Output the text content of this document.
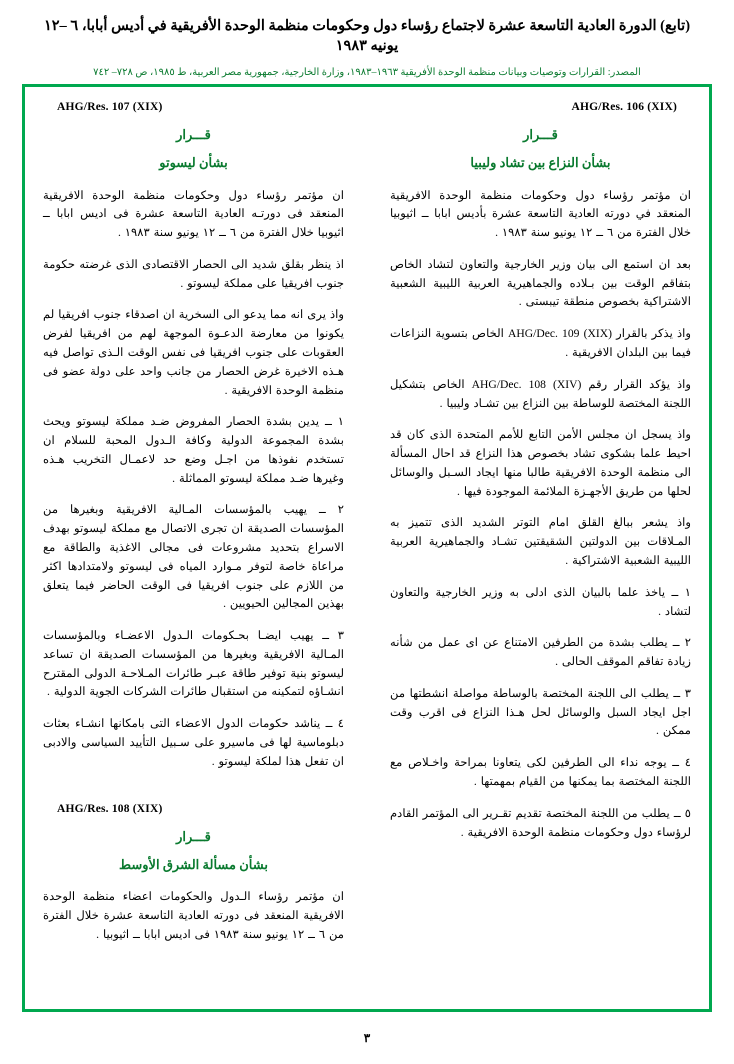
(تابع) الدورة العادية التاسعة عشرة لاجتماع رؤساء دول وحكومات منظمة الوحدة الأفريقية في أديس أبابا، ٦ –١٢ يونيه ١٩٨٣
المصدر: القرارات وتوصيات وبيانات منظمة الوحدة الأفريقية ١٩٦٣–١٩٨٣، وزارة الخارجية، جمهورية مصر العربية، ط ١٩٨٥، ص ٧٢٨– ٧٤٢
AHG/Res. 106 (XIX)
قـــرار
بشأن النزاع بين تشاد وليبيا

ان مؤتمر رؤساء دول وحكومات منظمة الوحدة الافريقية المنعقد في دورته العادية التاسعة عشرة بأديس ابابا ــ اثيوبيا خلال الفترة من ٦ ــ ١٢ يونيو سنة ١٩٨٣ .

بعد ان استمع الى بيان وزير الخارجية والتعاون لتشاد الخاص بتفاقم الوقت بين بـلاده والجماهيرية العربية الليبية الشعبية الاشتراكية بخصوص منطقة تيبستى .

واذ يذكر بالقرار AHG/Dec. 109 (XIX) الخاص بتسوية النزاعات فيما بين البلدان الافريقية .

واذ يؤكد القرار رقم AHG/Dec. 108 (XIV) الخاص بتشكيل اللجنة المختصة للوساطة بين النزاع بين تشـاد وليبيا .

واذ يسجل ان مجلس الأمن التابع للأمم المتحدة الذى كان قد احيط علما بشكوى تشاد بخصوص هذا النزاع قد احال المسألة الى منظمة الوحدة الافريقية طالبا منها ايجاد السـبل والوسائل لحلها من طريق الأجهـزة الملائمة الموجودة فيها .

واذ يشعر ببالغ القلق امام التوتر الشديد الذى تتميز به المـلاقات بين الدولتين الشقيقتين تشـاد والجماهيرية العربية الليبية الشعبية الاشتراكية .

١ ــ ياخذ علما بالبيان الذى ادلى به وزير الخارجية والتعاون لتشاد .

٢ ــ يطلب بشدة من الطرفين الامتناع عن اى عمل من شأنه زيادة تفاقم الموقف الحالى .

٣ ــ يطلب الى اللجنة المختصة بالوساطة مواصلة انشطتها من اجل ايجاد السبل والوسائل لحل هـذا النزاع فى اقرب وقت ممكن .

٤ ــ يوجه نداء الى الطرفين لكى يتعاونا بمراحة واخـلاص مع اللجنة المختصة بما يمكنها من القيام بمهمتها .

٥ ــ يطلب من اللجنة المختصة تقديم تقـرير الى المؤتمر القادم لرؤساء دول وحكومات منظمة الوحدة الافريقية .

AHG/Res. 107 (XIX)
قـــرار
بشأن ليسوتو

ان مؤتمر رؤساء دول وحكومات منظمة الوحدة الافريقية المنعقد فى دورتـه العادية التاسعة عشرة فى اديس ابابا ــ اثيوبيا خلال الفترة من ٦ ــ ١٢ يونيو سنة ١٩٨٣ .

اذ ينظر بقلق شديد الى الحصار الاقتصادى الذى غرضته حكومة جنوب افريقيا على مملكة ليسوتو .

واذ يرى انه مما يدعو الى السخرية ان اصدقاء جنوب افريقيا لم يكونوا من معارضة الدعـوة الموجهة لهم من افريقيا لفرض العقوبات على جنوب افريقيا فى نفس الوقت الـذى تواصل فيه هـذه الاخيرة غرض الحصار من جانب واحد على دولة عضو فى منظمة الوحدة الافريقية .

١ ــ يدين بشدة الحصار المفروض ضـد مملكة ليسوتو ويحث بشدة المجموعة الدولية وكافة الـدول المحبة للسلام ان تستخدم نفوذها من اجـل وضع حد لاعمـال التخريب هـذه وغيرها ضـد مملكة ليسوتو المماثلة .

٢ ــ يهيب بالمؤسسات المـالية الافريقية وبغيرها من المؤسسات الصديقة ان تجرى الاتصال مع مملكة ليسوتو بهدف الاسراع بتحديد مشروعات فى مجالى الاغذية والطاقة مع مراعاة خاصة لتوفر مـوارد المياه فى ليسوتو ولامتدادها اكثر من اللازم على جنوب افريقيا فى الوقت الحاضر فيما يتعلق بهذين المجالين الحيويين .

٣ ــ يهيب ايضـا بحـكومات الـدول الاعضـاء وبالمؤسسات المـالية الافريقية وبغيرها من المؤسسات الصديقة ان تساعد ليسوتو بنية توفير طاقة عبـر طائرات المـلاحـة الدولى المقترح انشـاؤه لتمكينه من استقبال طائرات الشركات الجوية الدولية .

٤ ــ يناشد حكومات الدول الاعضاء التى بامكانها انشـاء بعثات دبلوماسية لها فى ماسيرو على سـبيل التأييد السياسى والادبى ان تفعل هذا لملكة ليسوتو .

AHG/Res. 108 (XIX)
قـــرار
بشأن مسألة الشرق الأوسط

ان مؤتمر رؤساء الـدول والحكومات اعضاء منظمة الوحدة الافريقية المنعقد فى دورته العادية التاسعة عشرة خلال الفترة من ٦ ــ ١٢ يونيو سنة ١٩٨٣ فى اديس ابابا ــ اثيوبيا .

٣
